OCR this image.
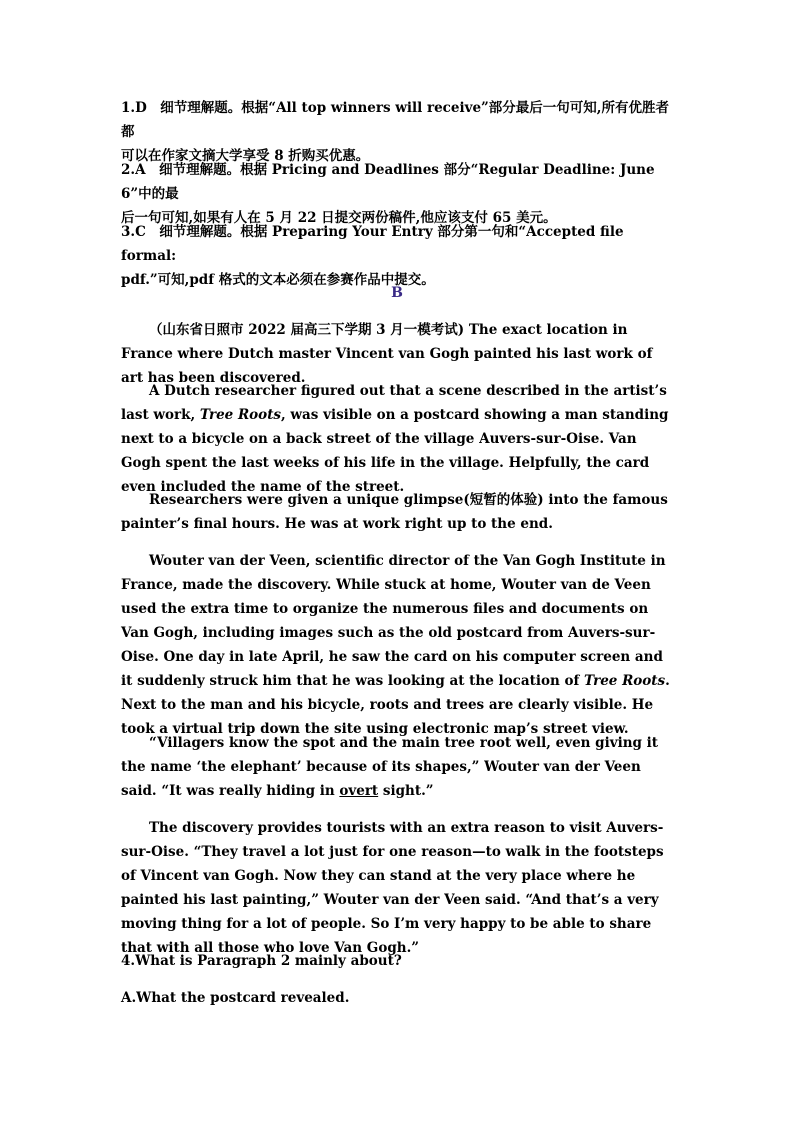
1.D　细节理解题。根据“All top winners will receive”部分最后一句可知,所有优胜者都
可以在作家文摘大学享受 8 折购买优惠。

2.A　细节理解题。根据 Pricing and Deadlines 部分“Regular Deadline: June 6”中的最
后一句可知,如果有人在 5 月 22 日提交两份稿件,他应该支付 65 美元。

3.C　细节理解题。根据 Preparing Your Entry 部分第一句和“Accepted file formal:
pdf.”可知,pdf 格式的文本必须在参赛作品中提交。

B

（山东省日照市 2022 届高三下学期 3 月一模考试) The exact location in France where Dutch master Vincent van Gogh painted his last work of art has been discovered.

A Dutch researcher figured out that a scene described in the artist’s last work, Tree Roots, was visible on a postcard showing a man standing next to a bicycle on a back street of the village Auvers-sur-Oise. Van Gogh spent the last weeks of his life in the village. Helpfully, the card even included the name of the street.

Researchers were given a unique glimpse(短暂的体验) into the famous painter’s final hours. He was at work right up to the end.

Wouter van der Veen, scientific director of the Van Gogh Institute in France, made the discovery. While stuck at home, Wouter van de Veen used the extra time to organize the numerous files and documents on Van Gogh, including images such as the old postcard from Auvers-sur-Oise. One day in late April, he saw the card on his computer screen and it suddenly struck him that he was looking at the location of Tree Roots. Next to the man and his bicycle, roots and trees are clearly visible. He took a virtual trip down the site using electronic map’s street view.

“Villagers know the spot and the main tree root well, even giving it the name ‘the elephant’ because of its shapes,” Wouter van der Veen said. “It was really hiding in overt sight.”

The discovery provides tourists with an extra reason to visit Auvers-sur-Oise. “They travel a lot just for one reason—to walk in the footsteps of Vincent van Gogh. Now they can stand at the very place where he painted his last painting,” Wouter van der Veen said. “And that’s a very moving thing for a lot of people. So I’m very happy to be able to share that with all those who love Van Gogh.”

4.What is Paragraph 2 mainly about?

A.What the postcard revealed.
